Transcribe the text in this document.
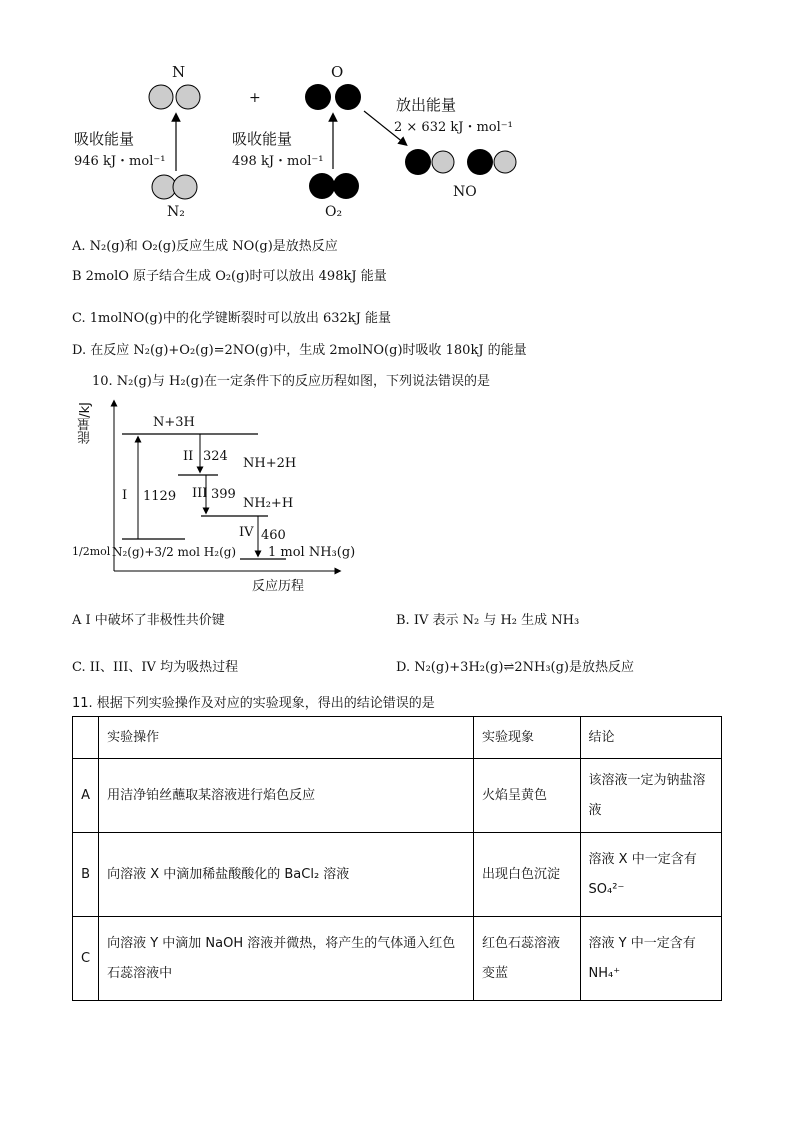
N
+
O
吸收能量
946 kJ・mol⁻¹
吸收能量
498 kJ・mol⁻¹
放出能量
2 × 632 kJ・mol⁻¹
N₂	O₂
NO
A. N₂(g)和 O₂(g)反应生成 NO(g)是放热反应
B 2molO 原子结合生成 O₂(g)时可以放出 498kJ 能量
C. 1molNO(g)中的化学键断裂时可以放出 632kJ 能量
D. 在反应 N₂(g)+O₂(g)=2NO(g)中，生成 2molNO(g)时吸收 180kJ 的能量
10. N₂(g)与 H₂(g)在一定条件下的反应历程如图，下列说法错误的是
能量/kJ
反应历程
N+3H
NH+2H
NH₂+H
1 mol NH₃(g)
1/2mol N₂(g)+3/2 mol H₂(g)
I 1129
II 324
III 399
IV 460
A I 中破坏了非极性共价键	B. IV 表示 N₂ 与 H₂ 生成 NH₃
C. II、III、IV 均为吸热过程	D. N₂(g)+3H₂(g)⇌2NH₃(g)是放热反应
11. 根据下列实验操作及对应的实验现象，得出的结论错误的是
	实验操作	实验现象	结论
A	用洁净铂丝蘸取某溶液进行焰色反应	火焰呈黄色	该溶液一定为钠盐溶液
B	向溶液 X 中滴加稀盐酸酸化的 BaCl₂ 溶液	出现白色沉淀	溶液 X 中一定含有 SO₄²⁻
C	向溶液 Y 中滴加 NaOH 溶液并微热，将产生的气体通入红色石蕊溶液中	红色石蕊溶液变蓝	溶液 Y 中一定含有 NH₄⁺
